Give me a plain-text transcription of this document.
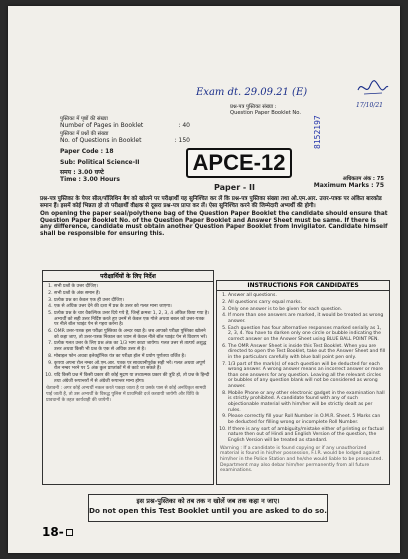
Exam dt. 29.09.21 (E)
पुस्तिका में पृष्ठों की संख्या
Number of Pages in Booklet	: 40
पुस्तिका में प्रश्नों की संख्या
No. of Questions in Booklet	: 150
Paper Code : 18
Sub: Political Science-II
समय : 3.00 घण्टे
Time : 3.00 Hours
प्रश्न-पत्र पुस्तिका संख्या :
Question Paper Booklet No.
8152197
17/10/21
APCE-12
Paper - II
अधिकतम अंक : 75
Maximum Marks : 75
प्रश्न-पत्र पुस्तिका के पेपर सील/पॉलिथिन बैग को खोलने पर परीक्षार्थी यह सुनिश्चित कर लें कि प्रश्न-पत्र पुस्तिका संख्या तथा ओ.एम.आर. उत्तर-पत्रक पर अंकित बारकोड समान हैं। इसमें कोई भिन्नता हो तो परीक्षार्थी वीक्षक से दूसरा प्रश्न-पत्र प्राप्त कर लें। ऐसा सुनिश्चित करने की जिम्मेदारी अभ्यर्थी की होगी।
On opening the paper seal/polythene bag of the Question Paper Booklet the candidate should ensure that Question Paper Booklet No. of the Question Paper Booklet and Answer Sheet must be same. If there is any difference, candidate must obtain another Question Paper Booklet from Invigilator. Candidate himself shall be responsible for ensuring this.
परीक्षार्थियों के लिए निर्देश
1. सभी प्रश्नों के उत्तर दीजिए।
2. सभी प्रश्नों के अंक समान हैं।
3. प्रत्येक प्रश्न का केवल एक ही उत्तर दीजिए।
4. एक से अधिक उत्तर देने की दशा में प्रश्न के उत्तर को गलत माना जाएगा।
5. प्रत्येक प्रश्न के चार वैकल्पिक उत्तर दिये गये हैं, जिन्हें क्रमशः 1, 2, 3, 4 अंकित किया गया है। अभ्यर्थी को सही उत्तर निर्दिष्ट करते हुए उनमें से केवल एक गोले अथवा बबल को उत्तर-पत्रक पर नीले बॉल प्वाइंट पेन से गहरा करना है।
6. OMR उत्तर-पत्रक इस परीक्षा पुस्तिका के अन्दर रखा है। जब आपको परीक्षा पुस्तिका खोलने को कहा जाए, तो उत्तर-पत्रक निकाल कर ध्यान से केवल नीले बॉल प्वाइंट पेन से विवरण भरें।
7. प्रत्येक गलत उत्तर के लिए प्रश्न अंक का 1/3 भाग काटा जायेगा। गलत उत्तर से तात्पर्य अशुद्ध उत्तर अथवा किसी भी प्रश्न के एक से अधिक उत्तर से है।
8. मोबाइल फोन अथवा इलेक्ट्रॉनिक यंत्र का परीक्षा हॉल में प्रयोग पूर्णतया वर्जित है।
9. कृपया अपना रोल नम्बर ओ.एम.आर. पत्रक पर सावधानीपूर्वक सही भरें। गलत अथवा अपूर्ण रोल नम्बर भरने पर 5 अंक कुल प्राप्तांकों में से काटे जा सकते हैं।
10. यदि किसी प्रश्न में किसी प्रकार की कोई मुद्रण या तथ्यात्मक प्रकार की त्रुटि हो, तो प्रश्न के हिन्दी तथा अंग्रेजी रूपान्तरों में से अंग्रेजी रूपान्तर मान्य होगा।
चेतावनी : अगर कोई अभ्यर्थी नकल करते पकड़ा जाता है या उसके पास से कोई अनधिकृत सामग्री पाई जाती है, तो उस अभ्यर्थी के विरुद्ध पुलिस में प्राथमिकी दर्ज करवायी जायेगी और विधि के प्रावधानों के तहत कार्यवाही की जायेगी।
INSTRUCTIONS FOR CANDIDATES
1. Answer all questions.
2. All questions carry equal marks.
3. Only one answer is to be given for each question.
4. If more than one answers are marked, it would be treated as wrong answer.
5. Each question has four alternative responses marked serially as 1, 2, 3, 4. You have to darken only one circle or bubble indicating the correct answer on the Answer Sheet using BLUE BALL POINT PEN.
6. The OMR Answer Sheet is inside this Test Booklet. When you are directed to open the Test Booklet, take out the Answer Sheet and fill in the particulars carefully with blue ball point pen only.
7. 1/3 part of the mark(s) of each question will be deducted for each wrong answer. A wrong answer means an incorrect answer or more than one answers for any question. Leaving all the relevant circles or bubbles of any question blank will not be considered as wrong answer.
8. Mobile Phone or any other electronic gadget in the examination hall is strictly prohibited. A candidate found with any of such objectionable material with him/her will be strictly dealt as per rules.
9. Please correctly fill your Roll Number in O.M.R. Sheet. 5 Marks can be deducted for filling wrong or incomplete Roll Number.
10. If there is any sort of ambiguity/mistake either of printing or factual nature then out of Hindi and English Version of the question, the English Version will be treated as standard.
Warning : If a candidate is found copying or if any unauthorized material is found in his/her possession, F.I.R. would be lodged against him/her in the Police Station and he/she would liable to be prosecuted. Department may also debar him/her permanently from all future examinations.
इस प्रश्न-पुस्तिका को तब तक न खोलें जब तक कहा न जाए।
Do not open this Test Booklet until you are asked to do so.
18-
